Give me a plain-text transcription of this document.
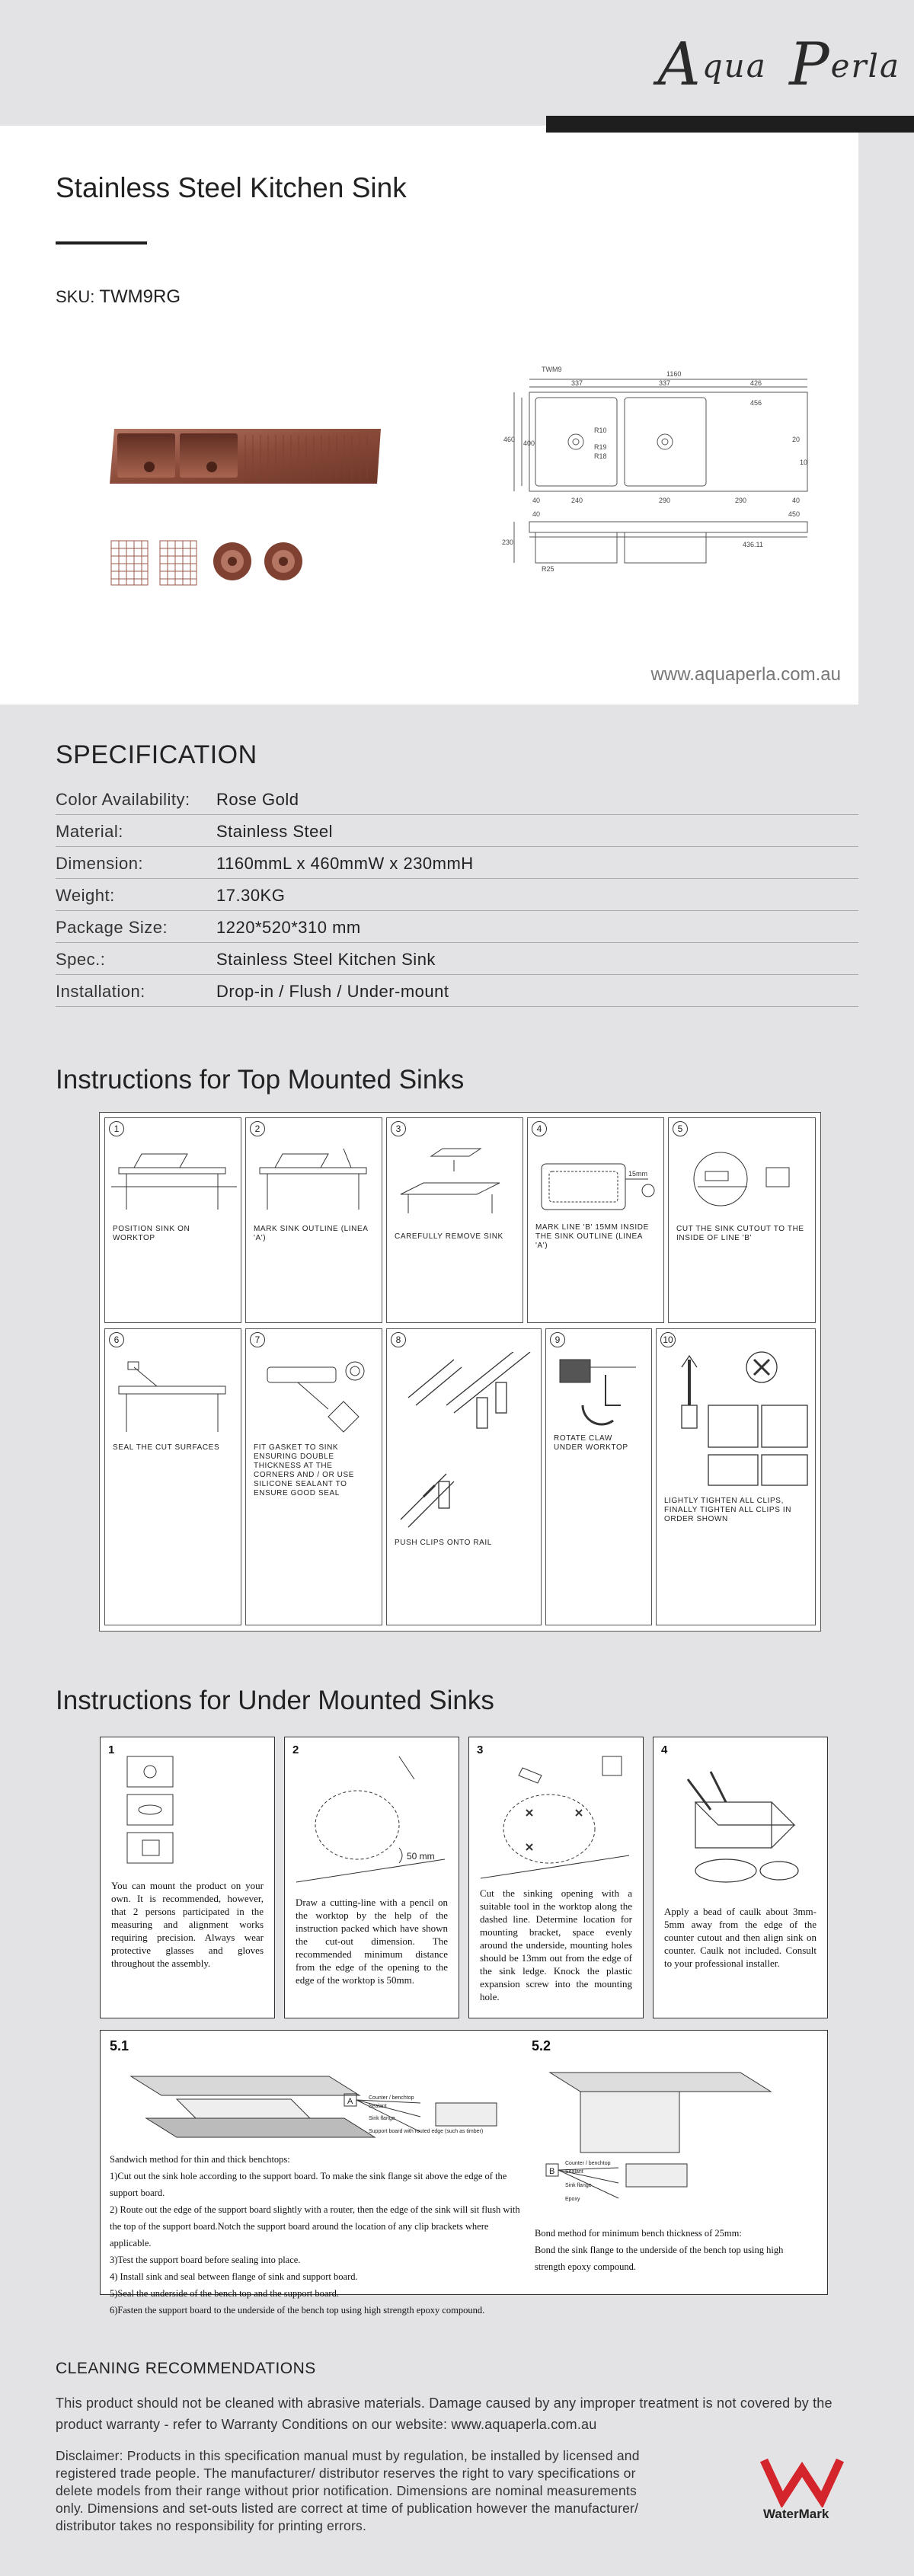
Aqua Perla
Stainless Steel Kitchen Sink
SKU: TWM9RG
TWM9
1160
337	337	426
456
460 400	20
R10
R19
R18
40	240	290	290	40
10
230
40
436.11
450
R25
www.aquaperla.com.au
SPECIFICATION
Color Availability:	Rose Gold
Material:	Stainless Steel
Dimension:	1160mmL x 460mmW x 230mmH
Weight:	17.30KG
Package Size:	1220*520*310 mm
Spec.:	Stainless Steel Kitchen Sink
Installation:	Drop-in / Flush / Under-mount
Instructions for Top Mounted Sinks
1
POSITION SINK ON WORKTOP
2
MARK SINK OUTLINE (LINEA 'A')
3
CAREFULLY REMOVE SINK
4
15mm
MARK LINE 'B' 15MM INSIDE THE SINK OUTLINE (LINEA 'A')
5
CUT THE SINK CUTOUT TO THE INSIDE OF LINE 'B'
6
SEAL THE CUT SURFACES
7
FIT GASKET TO SINK ENSURING DOUBLE THICKNESS AT THE CORNERS AND / OR USE SILICONE SEALANT TO ENSURE GOOD SEAL
8
PUSH CLIPS ONTO RAIL
9
ROTATE CLAW UNDER WORKTOP
10
LIGHTLY TIGHTEN ALL CLIPS, FINALLY TIGHTEN ALL CLIPS IN ORDER SHOWN
Instructions for Under Mounted Sinks
1
You can mount the product on your own. It is recommended, however, that 2 persons participated in the measuring and alignment works requiring precision. Always wear protective glasses and gloves throughout the assembly.
2
50 mm
Draw a cutting-line with a pencil on the worktop by the help of the instruction packed which have shown the cut-out dimension. The recommended minimum distance from the edge of the opening to the edge of the worktop is 50mm.
3
Cut the sinking opening with a suitable tool in the worktop along the dashed line. Determine location for mounting bracket, space evenly around the underside, mounting holes should be 13mm out from the edge of the sink ledge. Knock the plastic expansion screw into the mounting hole.
4
Apply a bead of caulk about 3mm-5mm away from the edge of the counter cutout and then align sink on counter. Caulk not included. Consult to your professional installer.
5.1	5.2
A	Counter / benchtop
Sealant
Sink flange
Support board with routed edge (such as timber)
B
Counter / benchtop
Sealant
Sink flange
Epoxy
Sandwich method for thin and thick benchtops:
1)Cut out the sink hole according to the support board. To make the sink flange sit above the edge of the support board.
2) Route out the edge of the support board slightly with a router, then the edge of the sink will sit flush with the top of the support board.Notch the support board around the location of any clip brackets where applicable.
3)Test the support board before sealing into place.
4) Install sink and seal between flange of sink and support board.
5)Seal the underside of the bench top and the support board.
6)Fasten the support board to the underside of the bench top using high strength epoxy compound.
Bond method for minimum bench thickness of 25mm:
Bond the sink flange to the underside of the bench top using high strength epoxy compound.
CLEANING RECOMMENDATIONS
This product should not be cleaned with abrasive materials. Damage caused by any improper treatment is not covered by the product warranty - refer to Warranty Conditions on our website: www.aquaperla.com.au
Disclaimer: Products in this specification manual must by regulation, be installed by licensed and registered trade people. The manufacturer/ distributor reserves the right to vary specifications or delete models from their range without prior notification. Dimensions are nominal measurements only. Dimensions and set-outs listed are correct at time of publication however the manufacturer/ distributor takes no responsibility for printing errors.
WaterMark
